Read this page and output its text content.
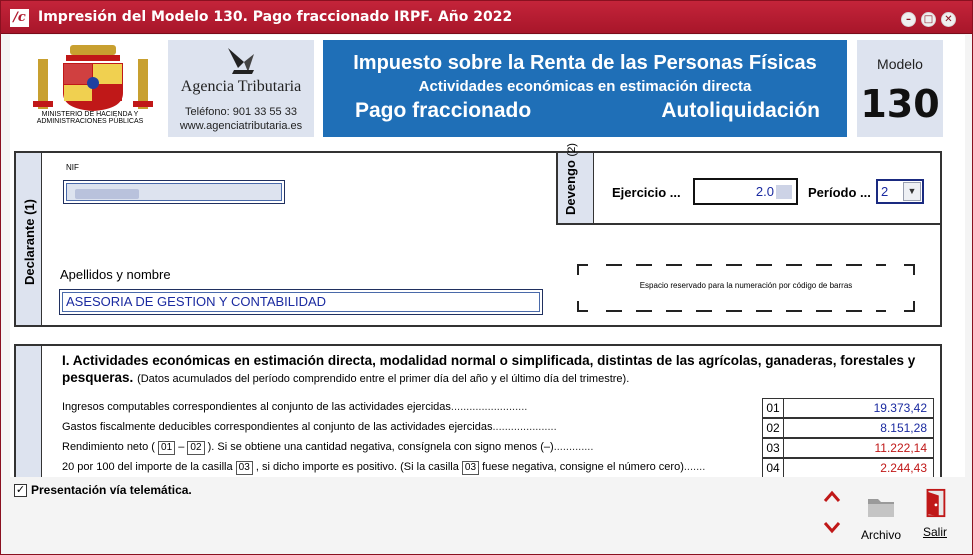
/c Impresión del Modelo 130. Pago fraccionado IRPF. Año 2022	–	□	✕
MINISTERIO DE HACIENDA Y ADMINISTRACIONES PÚBLICAS
Agencia Tributaria
Teléfono: 901 33 55 33
www.agenciatributaria.es
Impuesto sobre la Renta de las Personas Físicas
Actividades económicas en estimación directa
Pago fraccionado	Autoliquidación
Modelo
130
Declarante (1)
NIF
Apellidos y nombre
ASESORIA DE GESTION Y CONTABILIDAD
Devengo (2)
Ejercicio ...	2.0	Período ... 2	▼
Espacio reservado para la numeración por código de barras
I. Actividades económicas en estimación directa, modalidad normal o simplificada, distintas de las agrícolas, ganaderas, forestales y pesqueras. (Datos acumulados del período comprendido entre el primer día del año y el último día del trimestre).
Ingresos computables correspondientes al conjunto de las actividades ejercidas.........................	01	19.373,42
Gastos fiscalmente deducibles correspondientes al conjunto de las actividades ejercidas.....................	02	8.151,28
Rendimiento neto ( 01 – 02 ). Si se obtiene una cantidad negativa, consígnela con signo menos (–).............	03	11.222,14
20 por 100 del importe de la casilla 03 , si dicho importe es positivo. (Si la casilla 03 fuese negativa, consigne el número cero).......	04	2.244,43
✓ Presentación vía telemática.
Archivo	Salir
